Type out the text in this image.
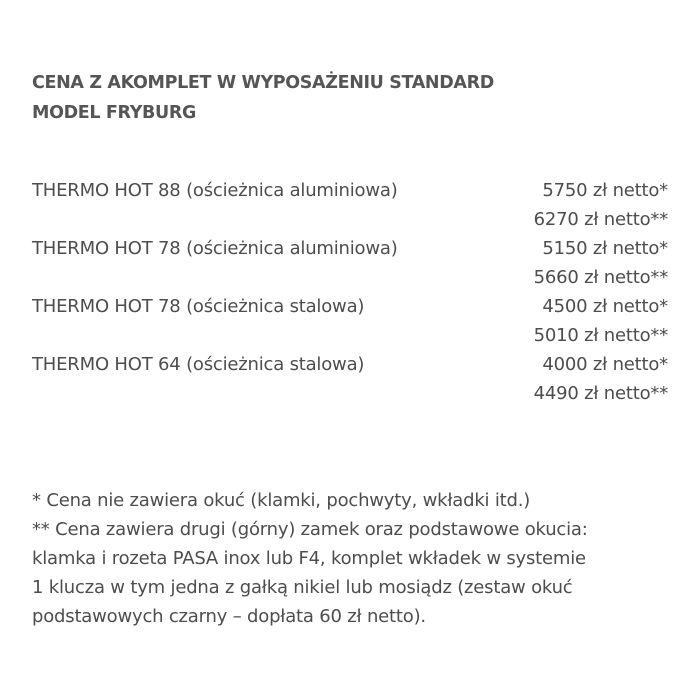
CENA Z AKOMPLET W WYPOSAŻENIU STANDARD
MODEL FRYBURG
THERMO HOT 88 (ościeżnica aluminiowa)	5750 zł netto*
6270 zł netto**
THERMO HOT 78 (ościeżnica aluminiowa)	5150 zł netto*
5660 zł netto**
THERMO HOT 78 (ościeżnica stalowa)	4500 zł netto*
5010 zł netto**
THERMO HOT 64 (ościeżnica stalowa)	4000 zł netto*
4490 zł netto**
* Cena nie zawiera okuć (klamki, pochwyty, wkładki itd.)
** Cena zawiera drugi (górny) zamek oraz podstawowe okucia:
klamka i rozeta PASA inox lub F4, komplet wkładek w systemie
1 klucza w tym jedna z gałką nikiel lub mosiądz (zestaw okuć
podstawowych czarny – dopłata 60 zł netto).
